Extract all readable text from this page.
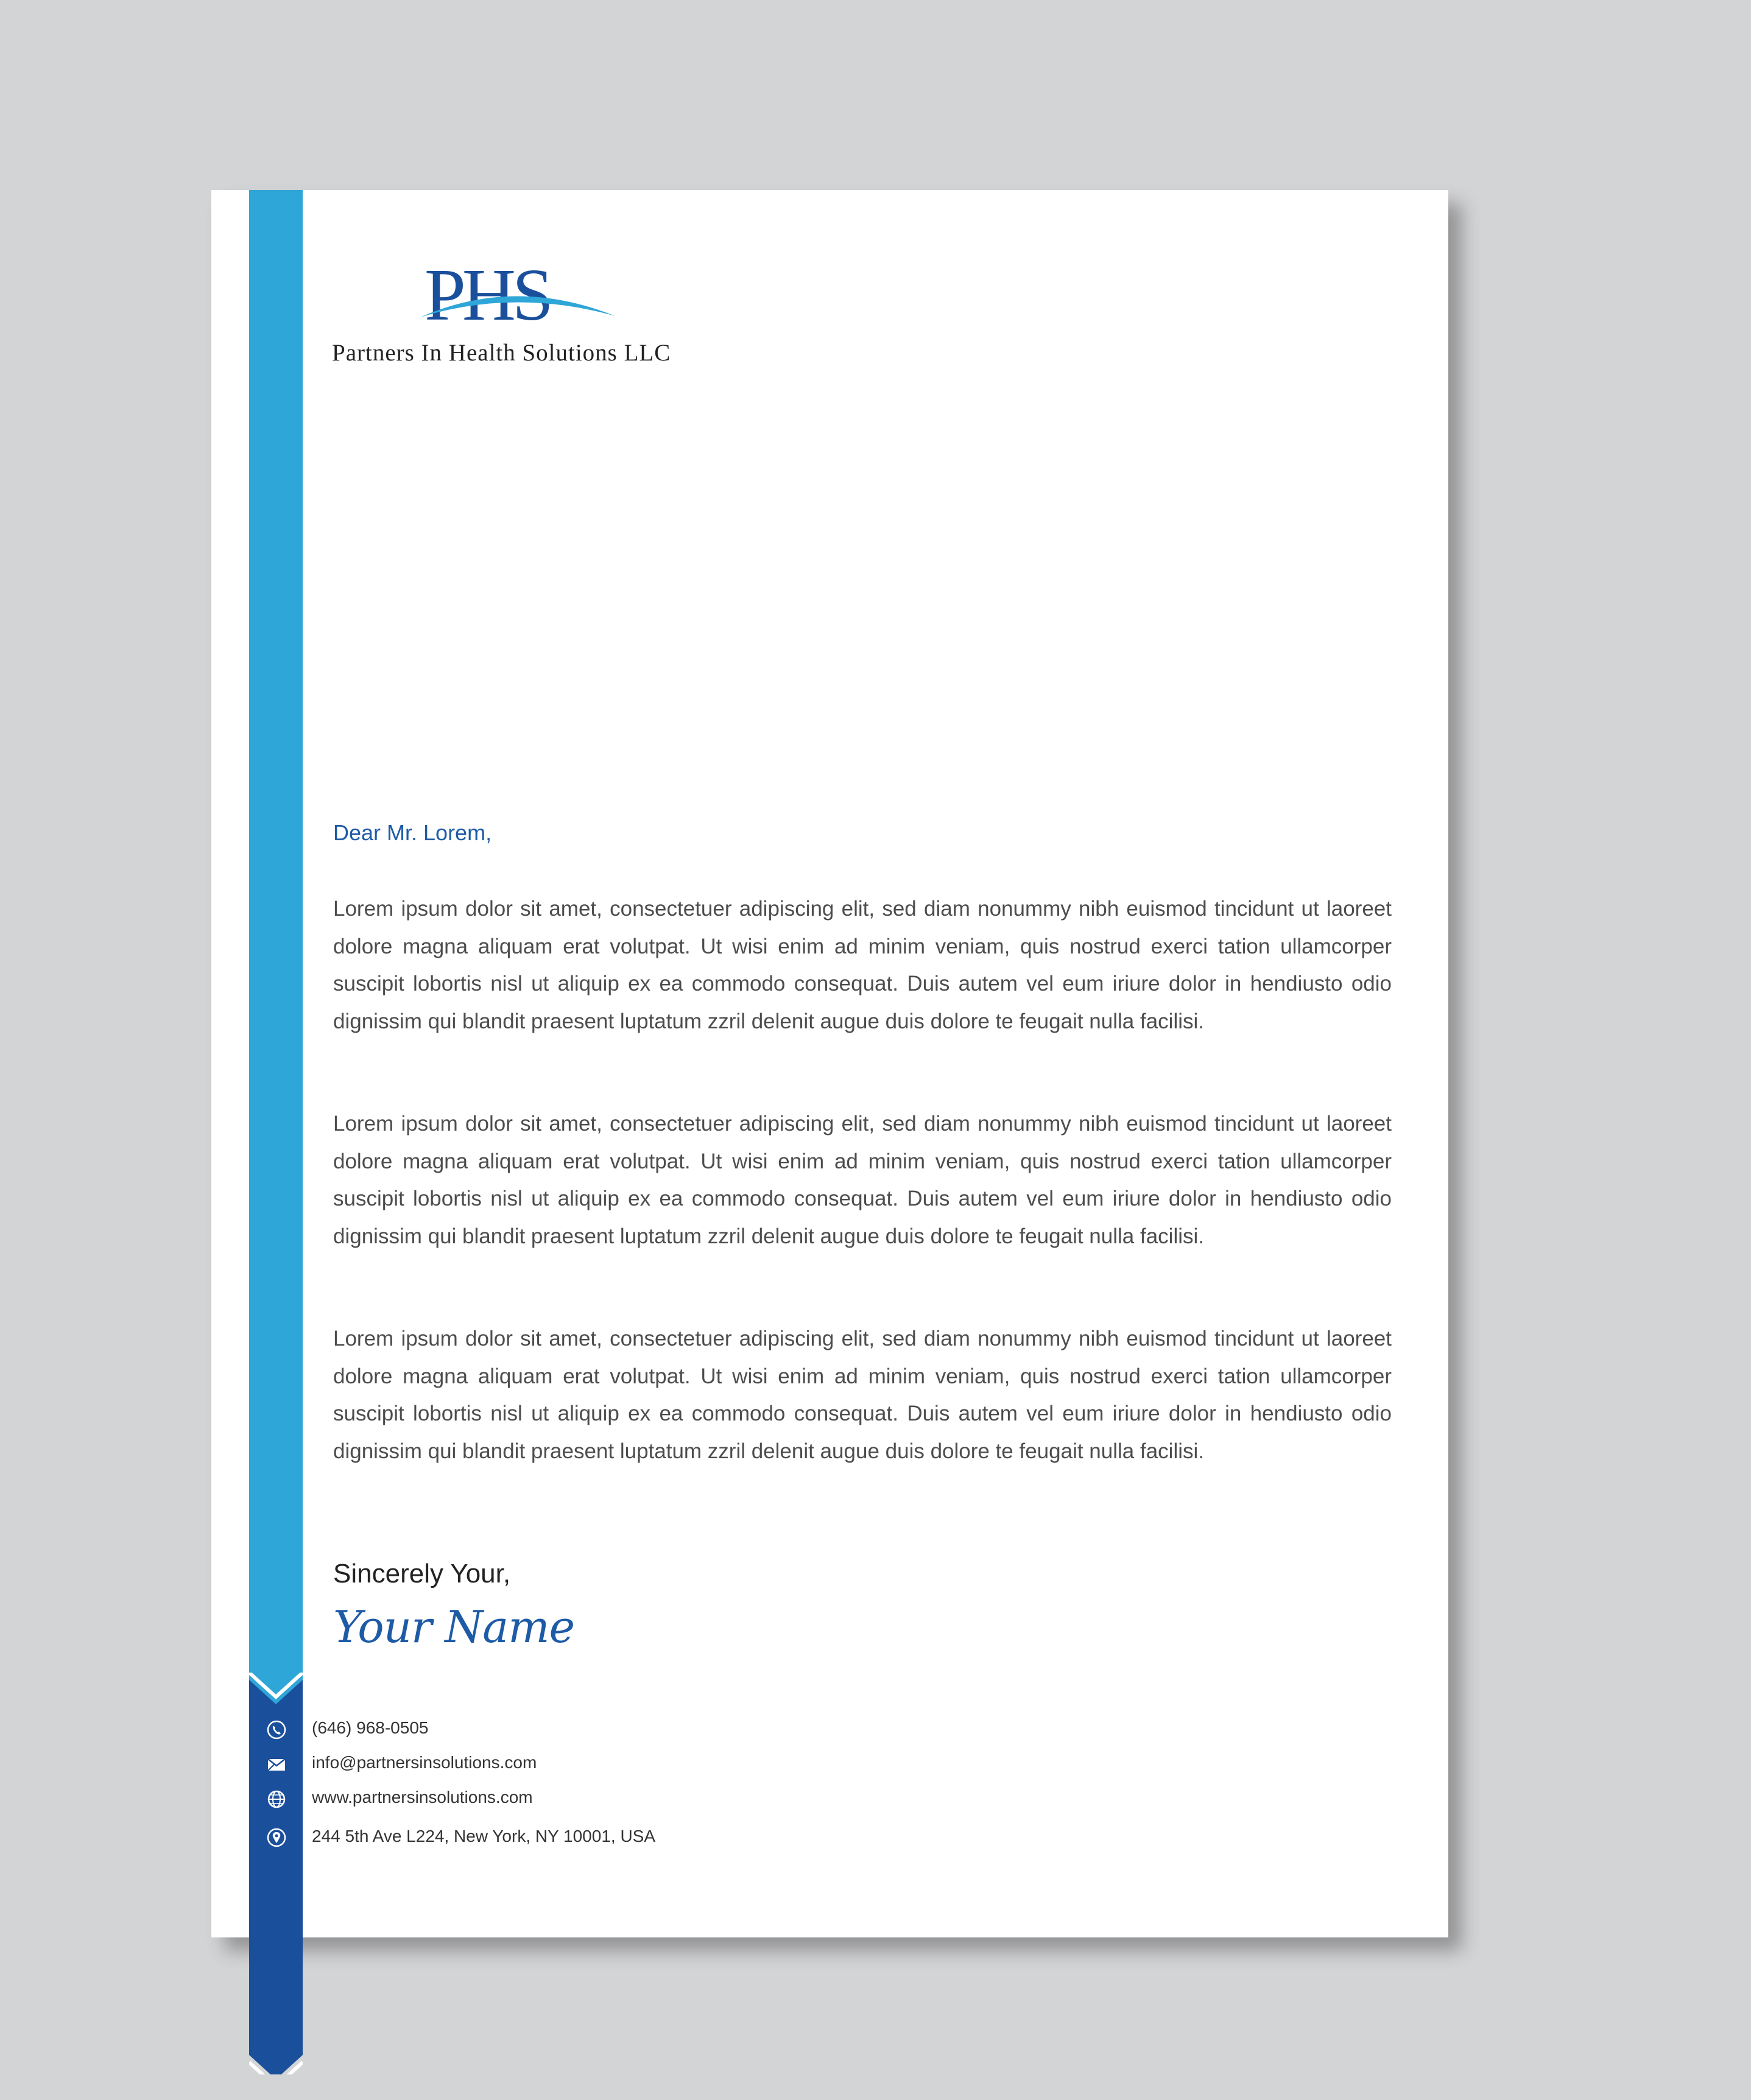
PHS
Partners In Health Solutions LLC
Dear Mr. Lorem,
Lorem ipsum dolor sit amet, consectetuer adipiscing elit, sed diam nonummy nibh euismod tincidunt ut laoreet dolore magna aliquam erat volutpat. Ut wisi enim ad minim veniam, quis nostrud exerci tation ullamcorper suscipit lobortis nisl ut aliquip ex ea commodo consequat. Duis autem vel eum iriure dolor in hendiusto odio dignissim qui blandit praesent luptatum zzril delenit augue duis dolore te feugait nulla facilisi.
Lorem ipsum dolor sit amet, consectetuer adipiscing elit, sed diam nonummy nibh euismod tincidunt ut laoreet dolore magna aliquam erat volutpat. Ut wisi enim ad minim veniam, quis nostrud exerci tation ullamcorper suscipit lobortis nisl ut aliquip ex ea commodo consequat. Duis autem vel eum iriure dolor in hendiusto odio dignissim qui blandit praesent luptatum zzril delenit augue duis dolore te feugait nulla facilisi.
Lorem ipsum dolor sit amet, consectetuer adipiscing elit, sed diam nonummy nibh euismod tincidunt ut laoreet dolore magna aliquam erat volutpat. Ut wisi enim ad minim veniam, quis nostrud exerci tation ullamcorper suscipit lobortis nisl ut aliquip ex ea commodo consequat. Duis autem vel eum iriure dolor in hendiusto odio dignissim qui blandit praesent luptatum zzril delenit augue duis dolore te feugait nulla facilisi.
Sincerely Your,
Your Name
(646) 968-0505
info@partnersinsolutions.com
www.partnersinsolutions.com
244 5th Ave L224, New York, NY 10001, USA
